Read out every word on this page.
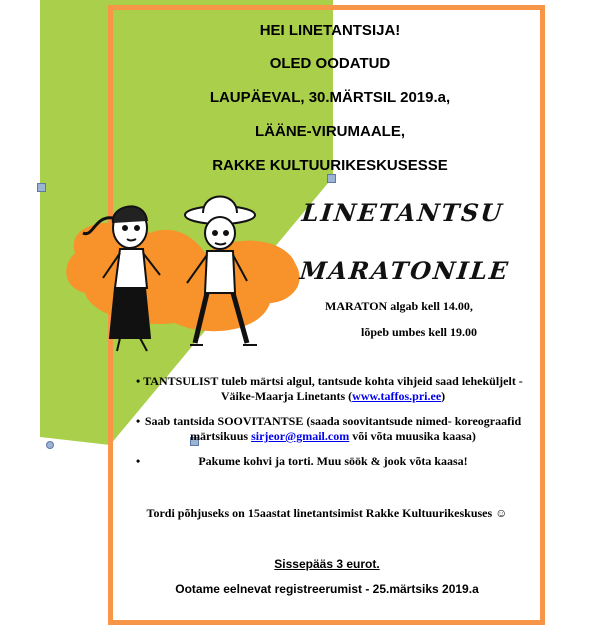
HEI LINETANTSIJA!
OLED OODATUD
LAUPÄEVAL, 30.MÄRTSIL 2019.a,
LÄÄNE-VIRUMAALE,
RAKKE KULTUURIKESKUSESSE
LINETANTSU
MARATONILE
MARATON algab kell 14.00,
lõpeb umbes kell 19.00
• TANTSULIST tuleb märtsi algul, tantsude kohta vihjeid saad leheküljelt - Väike-Maarja Linetants (www.taffos.pri.ee)
• Saab tantsida SOOVITANTSE (saada soovitantsude nimed- koreograafid märtsikuus sirjeor@gmail.com või võta muusika kaasa)
•	Pakume kohvi ja torti. Muu söök & jook võta kaasa!
Tordi põhjuseks on 15aastat linetantsimist Rakke Kultuurikeskuses ☺
Sissepääs 3 eurot.
Ootame eelnevat registreerumist - 25.märtsiks 2019.a
